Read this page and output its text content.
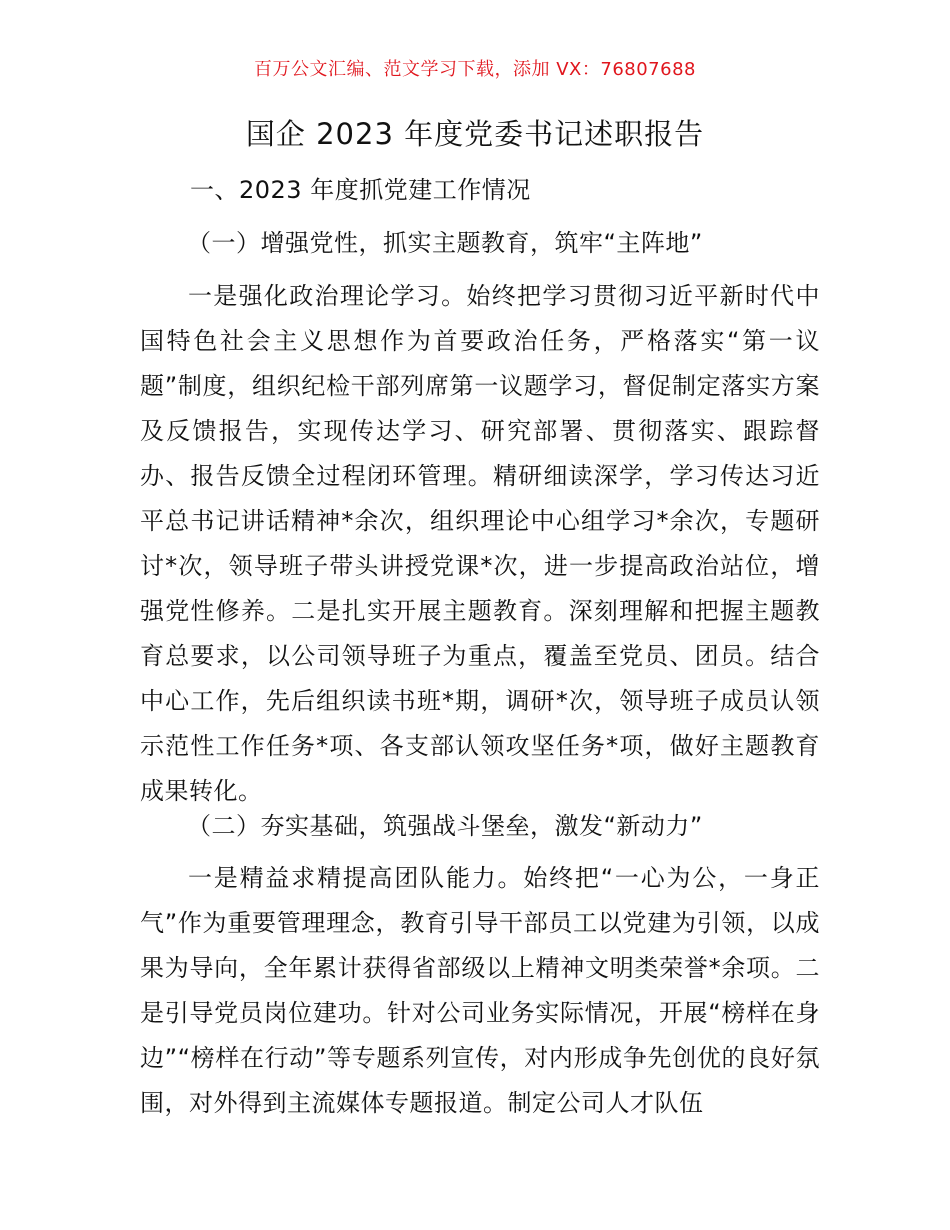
百万公文汇编、范文学习下载，添加 VX：76807688
国企 2023 年度党委书记述职报告
一、2023 年度抓党建工作情况
（一）增强党性，抓实主题教育，筑牢“主阵地”

一是强化政治理论学习。始终把学习贯彻习近平新时代中国特色社会主义思想作为首要政治任务，严格落实“第一议题”制度，组织纪检干部列席第一议题学习，督促制定落实方案及反馈报告，实现传达学习、研究部署、贯彻落实、跟踪督办、报告反馈全过程闭环管理。精研细读深学，学习传达习近平总书记讲话精神*余次，组织理论中心组学习*余次，专题研讨*次，领导班子带头讲授党课*次，进一步提高政治站位，增强党性修养。二是扎实开展主题教育。深刻理解和把握主题教育总要求，以公司领导班子为重点，覆盖至党员、团员。结合中心工作，先后组织读书班*期，调研*次，领导班子成员认领示范性工作任务*项、各支部认领攻坚任务*项，做好主题教育成果转化。

（二）夯实基础，筑强战斗堡垒，激发“新动力”

一是精益求精提高团队能力。始终把“一心为公，一身正气”作为重要管理理念，教育引导干部员工以党建为引领，以成果为导向，全年累计获得省部级以上精神文明类荣誉*余项。二是引导党员岗位建功。针对公司业务实际情况，开展“榜样在身边”“榜样在行动”等专题系列宣传，对内形成争先创优的良好氛围，对外得到主流媒体专题报道。制定公司人才队伍
